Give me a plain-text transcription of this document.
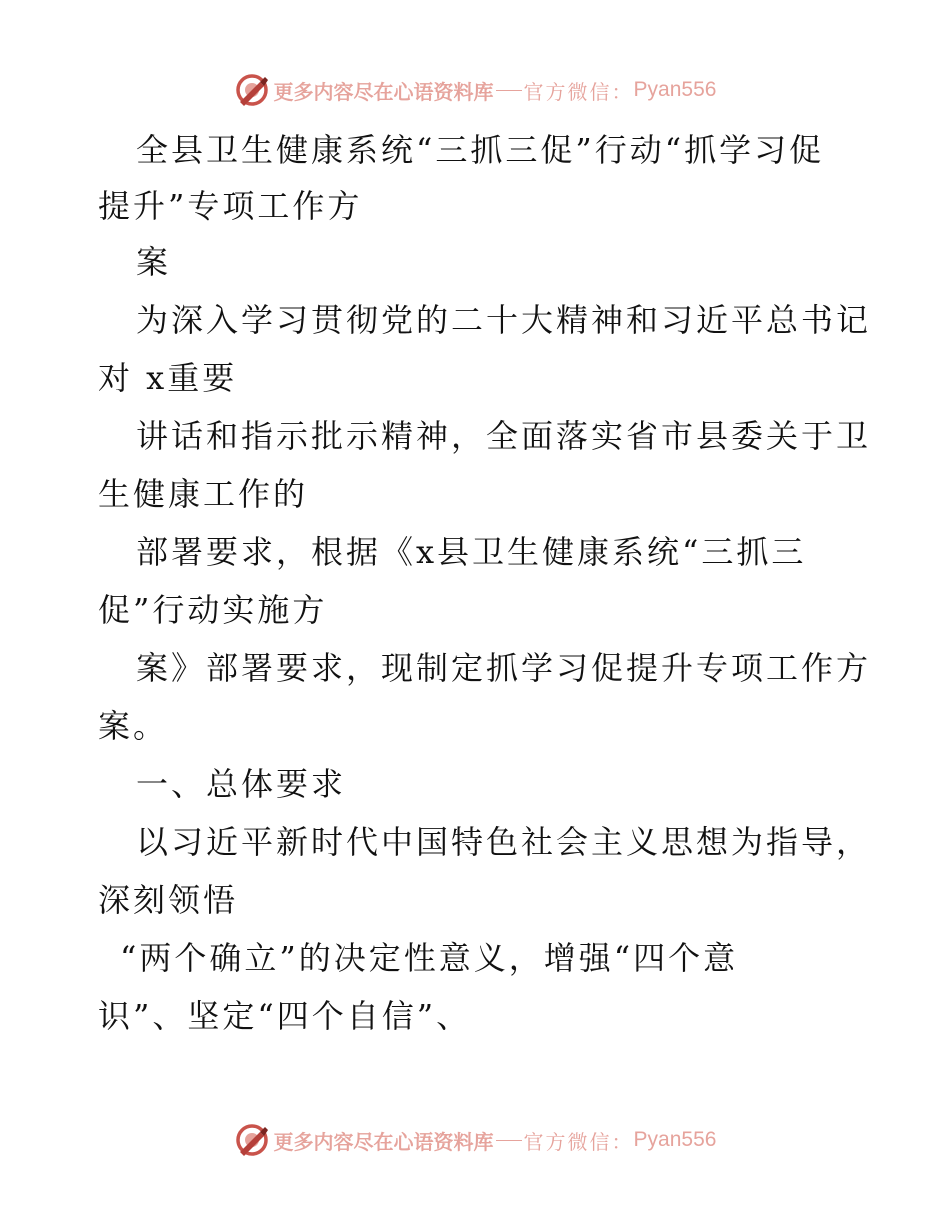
更多内容尽在心语资料库 官方微信： Pyan556
全县卫生健康系统“三抓三促”行动“抓学习促
提升”专项工作方
案
为深入学习贯彻党的二十大精神和习近平总书记
对 x重要
讲话和指示批示精神，全面落实省市县委关于卫
生健康工作的
部署要求，根据《x县卫生健康系统“三抓三
促”行动实施方
案》部署要求，现制定抓学习促提升专项工作方
案。
一、总体要求
以习近平新时代中国特色社会主义思想为指导，
深刻领悟
“两个确立”的决定性意义，增强“四个意
识”、坚定“四个自信”、
更多内容尽在心语资料库 官方微信： Pyan556
